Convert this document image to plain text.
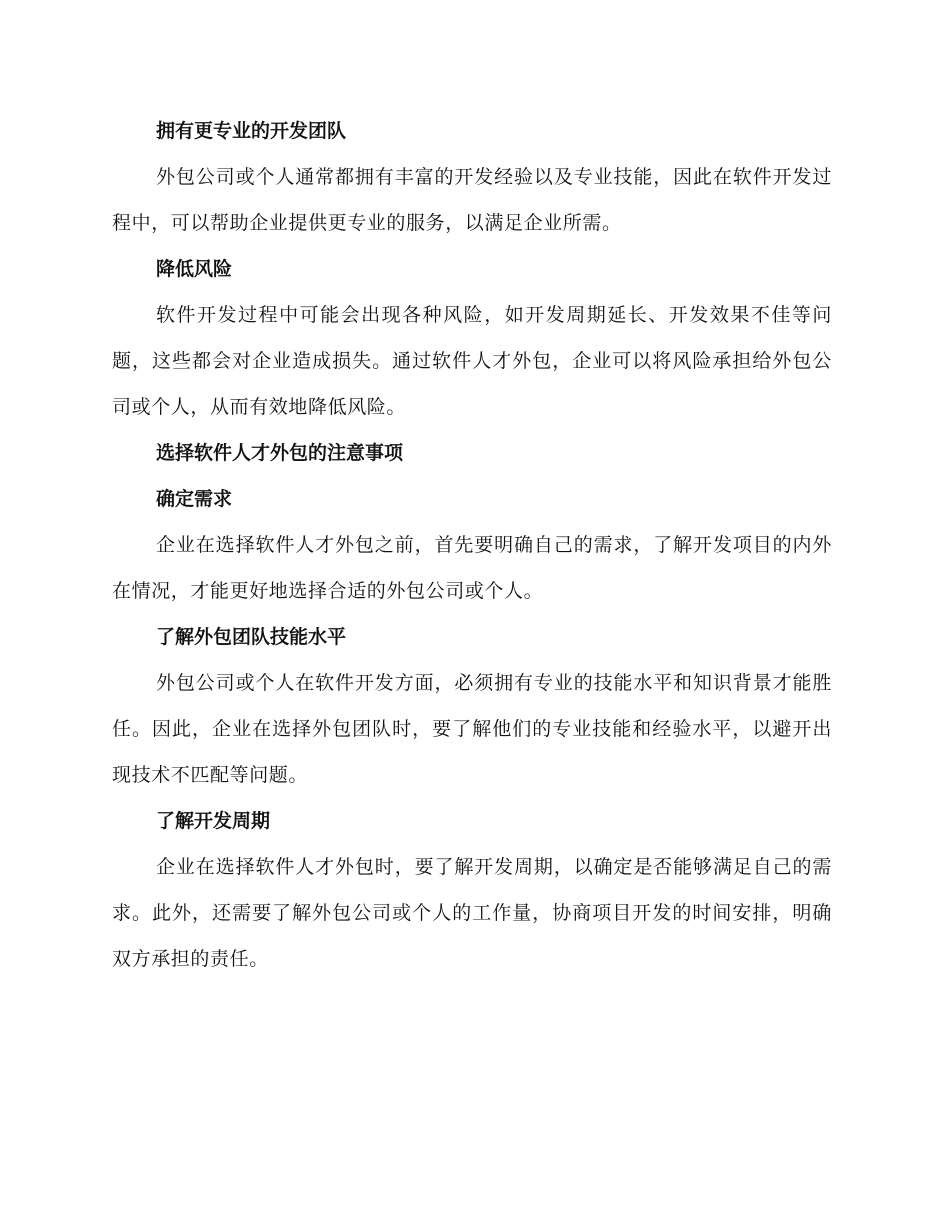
拥有更专业的开发团队

外包公司或个人通常都拥有丰富的开发经验以及专业技能，因此在软件开发过程中，可以帮助企业提供更专业的服务，以满足企业所需。

降低风险

软件开发过程中可能会出现各种风险，如开发周期延长、开发效果不佳等问题，这些都会对企业造成损失。通过软件人才外包，企业可以将风险承担给外包公司或个人，从而有效地降低风险。

选择软件人才外包的注意事项
确定需求

企业在选择软件人才外包之前，首先要明确自己的需求，了解开发项目的内外在情况，才能更好地选择合适的外包公司或个人。

了解外包团队技能水平

外包公司或个人在软件开发方面，必须拥有专业的技能水平和知识背景才能胜任。因此，企业在选择外包团队时，要了解他们的专业技能和经验水平，以避开出现技术不匹配等问题。

了解开发周期

企业在选择软件人才外包时，要了解开发周期，以确定是否能够满足自己的需求。此外，还需要了解外包公司或个人的工作量，协商项目开发的时间安排，明确双方承担的责任。
